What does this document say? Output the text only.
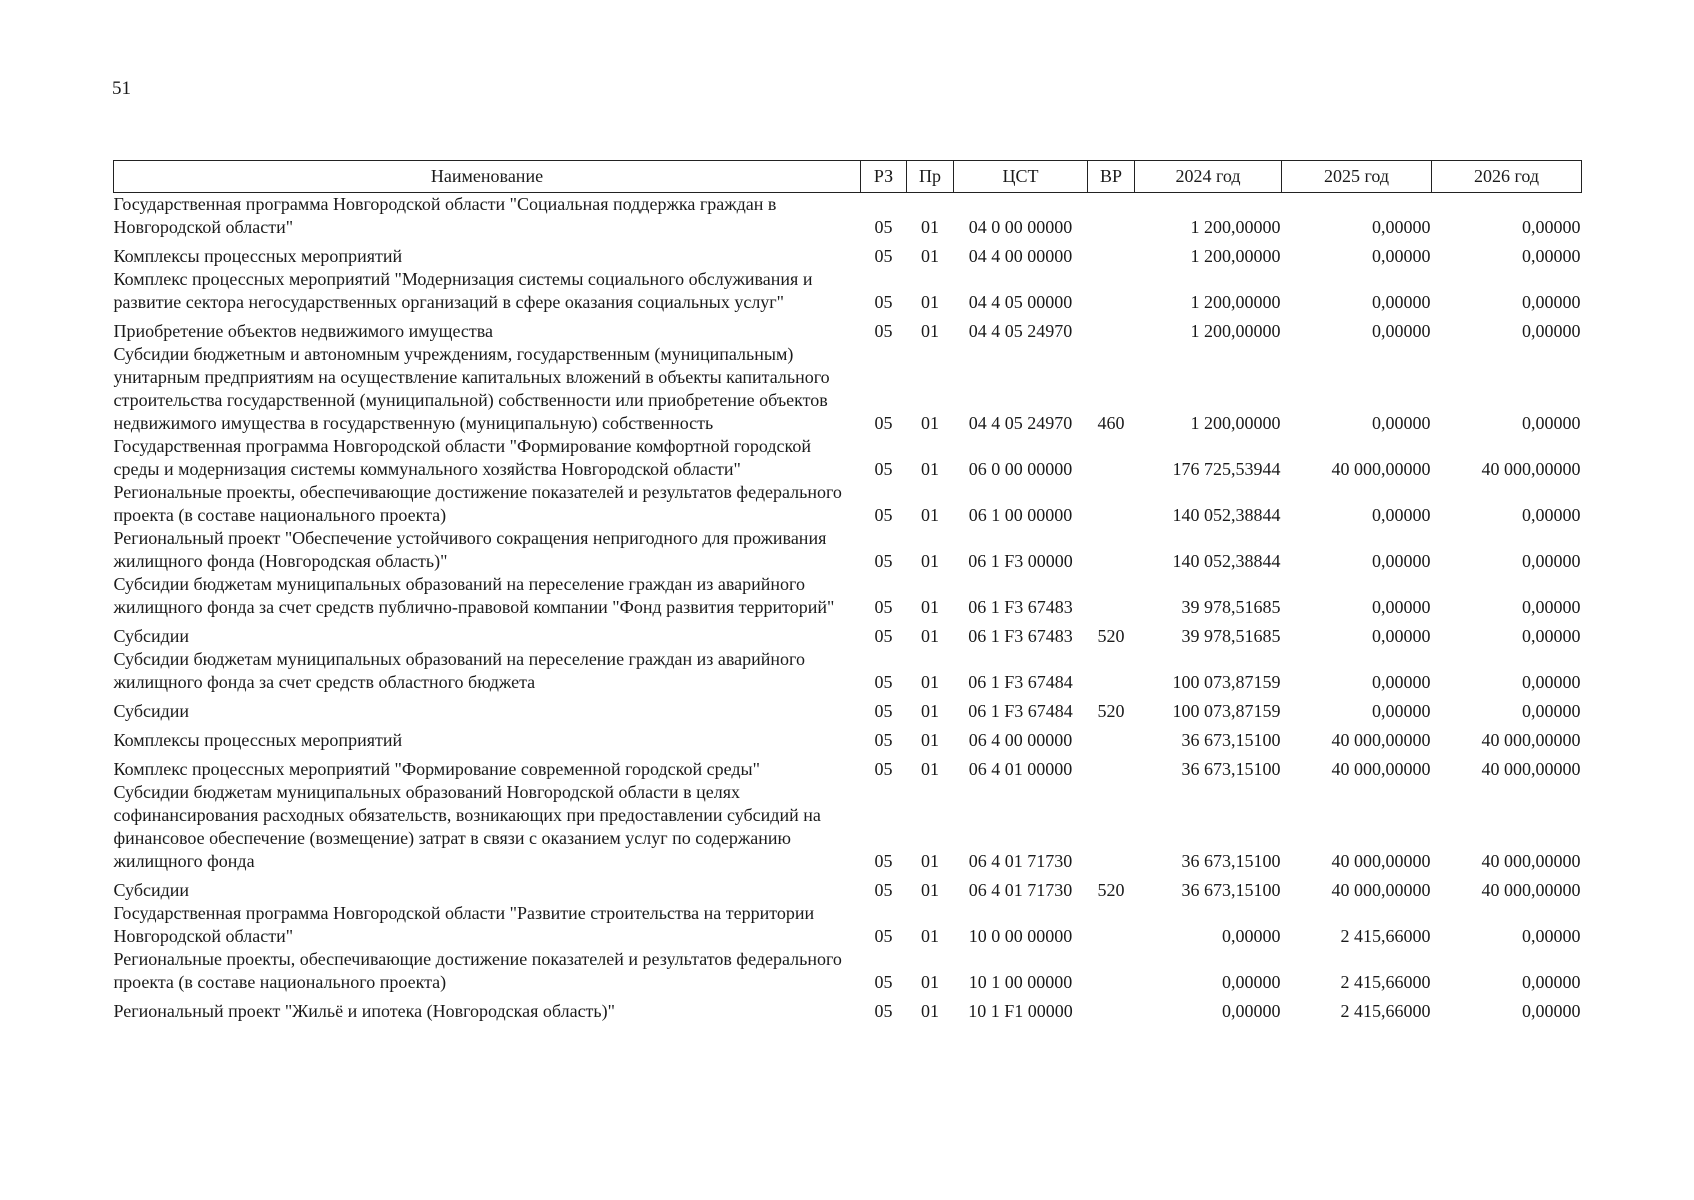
51
Наименование	РЗ	Пр	ЦСТ	ВР	2024 год	2025 год	2026 год
Государственная программа Новгородской области "Социальная поддержка граждан в Новгородской области"	05	01	04 0 00 00000		1 200,00000	0,00000	0,00000
Комплексы процессных мероприятий	05	01	04 4 00 00000		1 200,00000	0,00000	0,00000
Комплекс процессных мероприятий "Модернизация системы социального обслуживания и развитие сектора негосударственных организаций в сфере оказания социальных услуг"	05	01	04 4 05 00000		1 200,00000	0,00000	0,00000
Приобретение объектов недвижимого имущества	05	01	04 4 05 24970		1 200,00000	0,00000	0,00000
Субсидии бюджетным и автономным учреждениям, государственным (муниципальным) унитарным предприятиям на осуществление капитальных вложений в объекты капитального строительства государственной (муниципальной) собственности или приобретение объектов недвижимого имущества в государственную (муниципальную) собственность	05	01	04 4 05 24970	460	1 200,00000	0,00000	0,00000
Государственная программа Новгородской области "Формирование комфортной городской среды и модернизация системы коммунального хозяйства Новгородской области"	05	01	06 0 00 00000		176 725,53944	40 000,00000	40 000,00000
Региональные проекты, обеспечивающие достижение показателей и результатов федерального проекта (в составе национального проекта)	05	01	06 1 00 00000		140 052,38844	0,00000	0,00000
Региональный проект "Обеспечение устойчивого сокращения непригодного для проживания жилищного фонда (Новгородская область)"	05	01	06 1 F3 00000		140 052,38844	0,00000	0,00000
Субсидии бюджетам муниципальных образований на переселение граждан из аварийного жилищного фонда за счет средств публично-правовой компании "Фонд развития территорий"	05	01	06 1 F3 67483		39 978,51685	0,00000	0,00000
Субсидии	05	01	06 1 F3 67483	520	39 978,51685	0,00000	0,00000
Субсидии бюджетам муниципальных образований на переселение граждан из аварийного жилищного фонда за счет средств областного бюджета	05	01	06 1 F3 67484		100 073,87159	0,00000	0,00000
Субсидии	05	01	06 1 F3 67484	520	100 073,87159	0,00000	0,00000
Комплексы процессных мероприятий	05	01	06 4 00 00000		36 673,15100	40 000,00000	40 000,00000
Комплекс процессных мероприятий "Формирование современной городской среды"	05	01	06 4 01 00000		36 673,15100	40 000,00000	40 000,00000
Субсидии бюджетам муниципальных образований Новгородской области в целях софинансирования расходных обязательств, возникающих при предоставлении субсидий на финансовое обеспечение (возмещение) затрат в связи с оказанием услуг по содержанию жилищного фонда	05	01	06 4 01 71730		36 673,15100	40 000,00000	40 000,00000
Субсидии	05	01	06 4 01 71730	520	36 673,15100	40 000,00000	40 000,00000
Государственная программа Новгородской области "Развитие строительства на территории Новгородской области"	05	01	10 0 00 00000		0,00000	2 415,66000	0,00000
Региональные проекты, обеспечивающие достижение показателей и результатов федерального проекта (в составе национального проекта)	05	01	10 1 00 00000		0,00000	2 415,66000	0,00000
Региональный проект "Жильё и ипотека (Новгородская область)"	05	01	10 1 F1 00000		0,00000	2 415,66000	0,00000
